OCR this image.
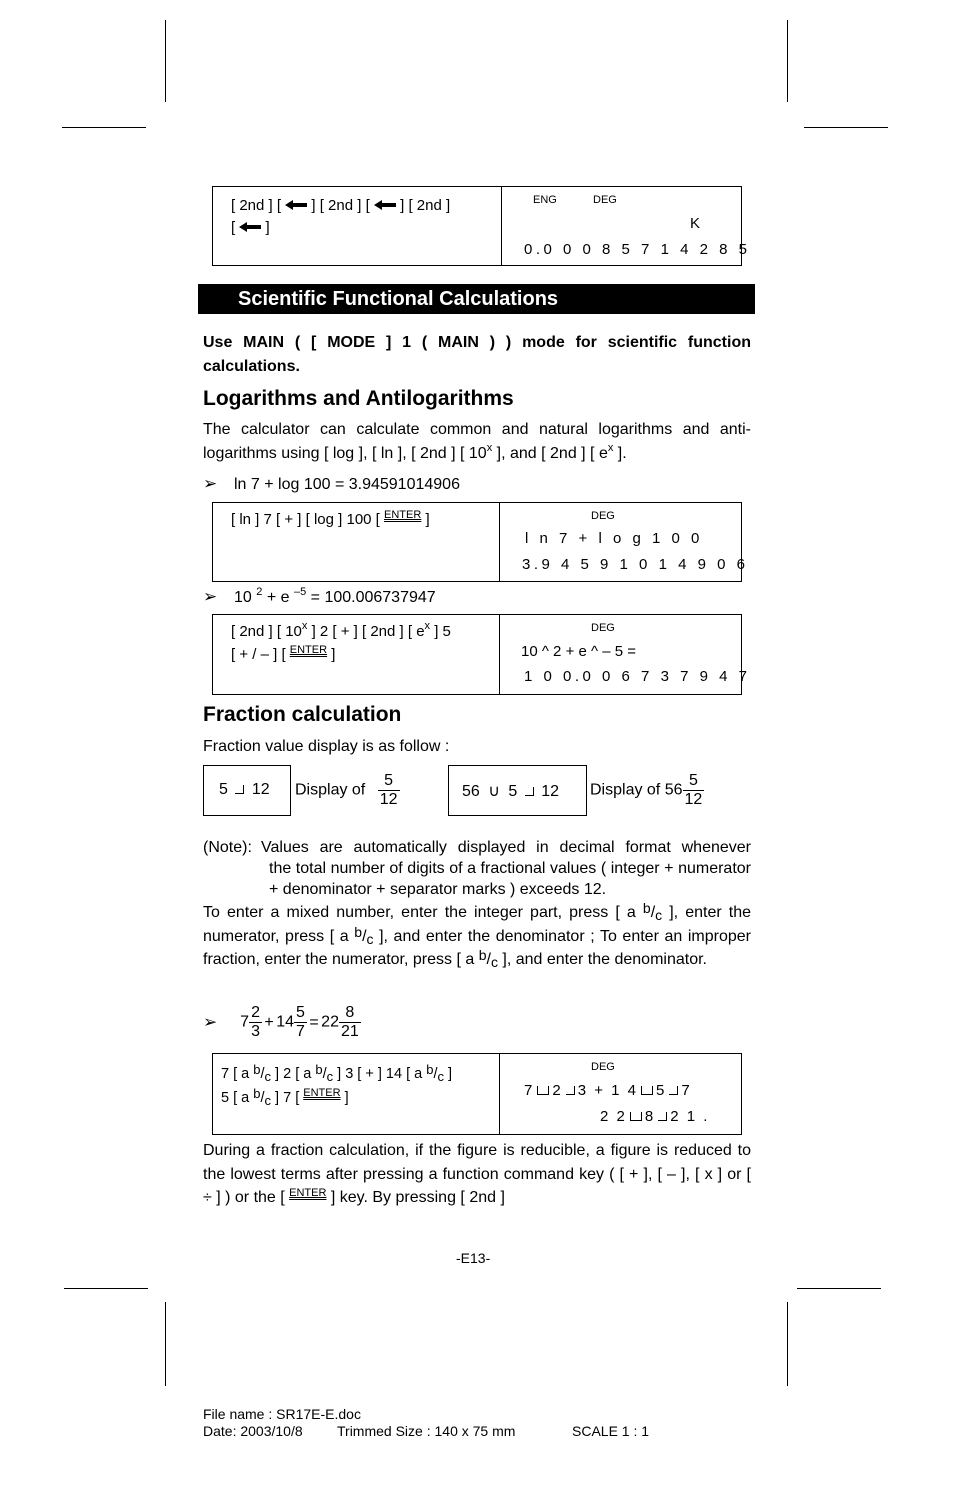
[ 2nd ] [ ] [ 2nd ] [ ] [ 2nd ]
[ ]
ENG	DEG
K
0.0 0 0 8 5 7 1 4 2 8 5
Scientific Functional Calculations
Use MAIN ( [ MODE ] 1 ( MAIN ) ) mode for scientific function calculations.
Logarithms and Antilogarithms
The calculator can calculate common and natural logarithms and anti-logarithms using [ log ], [ ln ], [ 2nd ] [ 10$^x$ ], and [ 2nd ] [ $e^x$ ].
➢ ln 7 + log 100 = 3.94591014906
[ ln ] 7 [ + ] [ log ] 100 [ ENTER ]	DEG
l n 7 + l o g 1 0 0
3.9 4 5 9 1 0 1 4 9 0 6
➢ 10 $^2$ + e $^{-5}$ = 100.006737947
[ 2nd ] [ 10$^x$ ] 2 [ + ] [ 2nd ] [ $e^x$ ] 5
[ + / – ] [ ENTER ]
DEG
10 ^ 2 + e ^ – 5 =
1 0 0.0 0 6 7 3 7 9 4 7
Fraction calculation
Fraction value display is as follow :
5 12 Display of $\frac{5}{12}$	56 ∪ 5 12 Display of $56 \frac{5}{12}$
(Note): Values are automatically displayed in decimal format whenever
the total number of digits of a fractional values ( integer + numerator + denominator + separator marks ) exceeds 12.
To enter a mixed number, enter the integer part, press [ a b/c ], enter the numerator, press [ a b/c ], and enter the denominator ; To enter an improper fraction, enter the numerator, press [ a b/c ], and enter the denominator.
➢ $7 \frac{2}{3} + 14 \frac{5}{7} = 22 \frac{8}{21}$
7 [ a b/c ] 2 [ a b/c ] 3 [ + ] 14 [ a b/c ]
5 [ a b/c ] 7 [ ENTER ]
DEG
7 2 3 + 1 4 5 7
2 2 8 2 1 .
During a fraction calculation, if the figure is reducible, a figure is reduced to the lowest terms after pressing a function command key ( [ + ], [ – ], [ x ] or [ ÷ ] ) or the [ ENTER ] key. By pressing [ 2nd ]
-E13-
File name : SR17E-E.doc
Date: 2003/10/8 Trimmed Size : 140 x 75 mm	SCALE 1 : 1
